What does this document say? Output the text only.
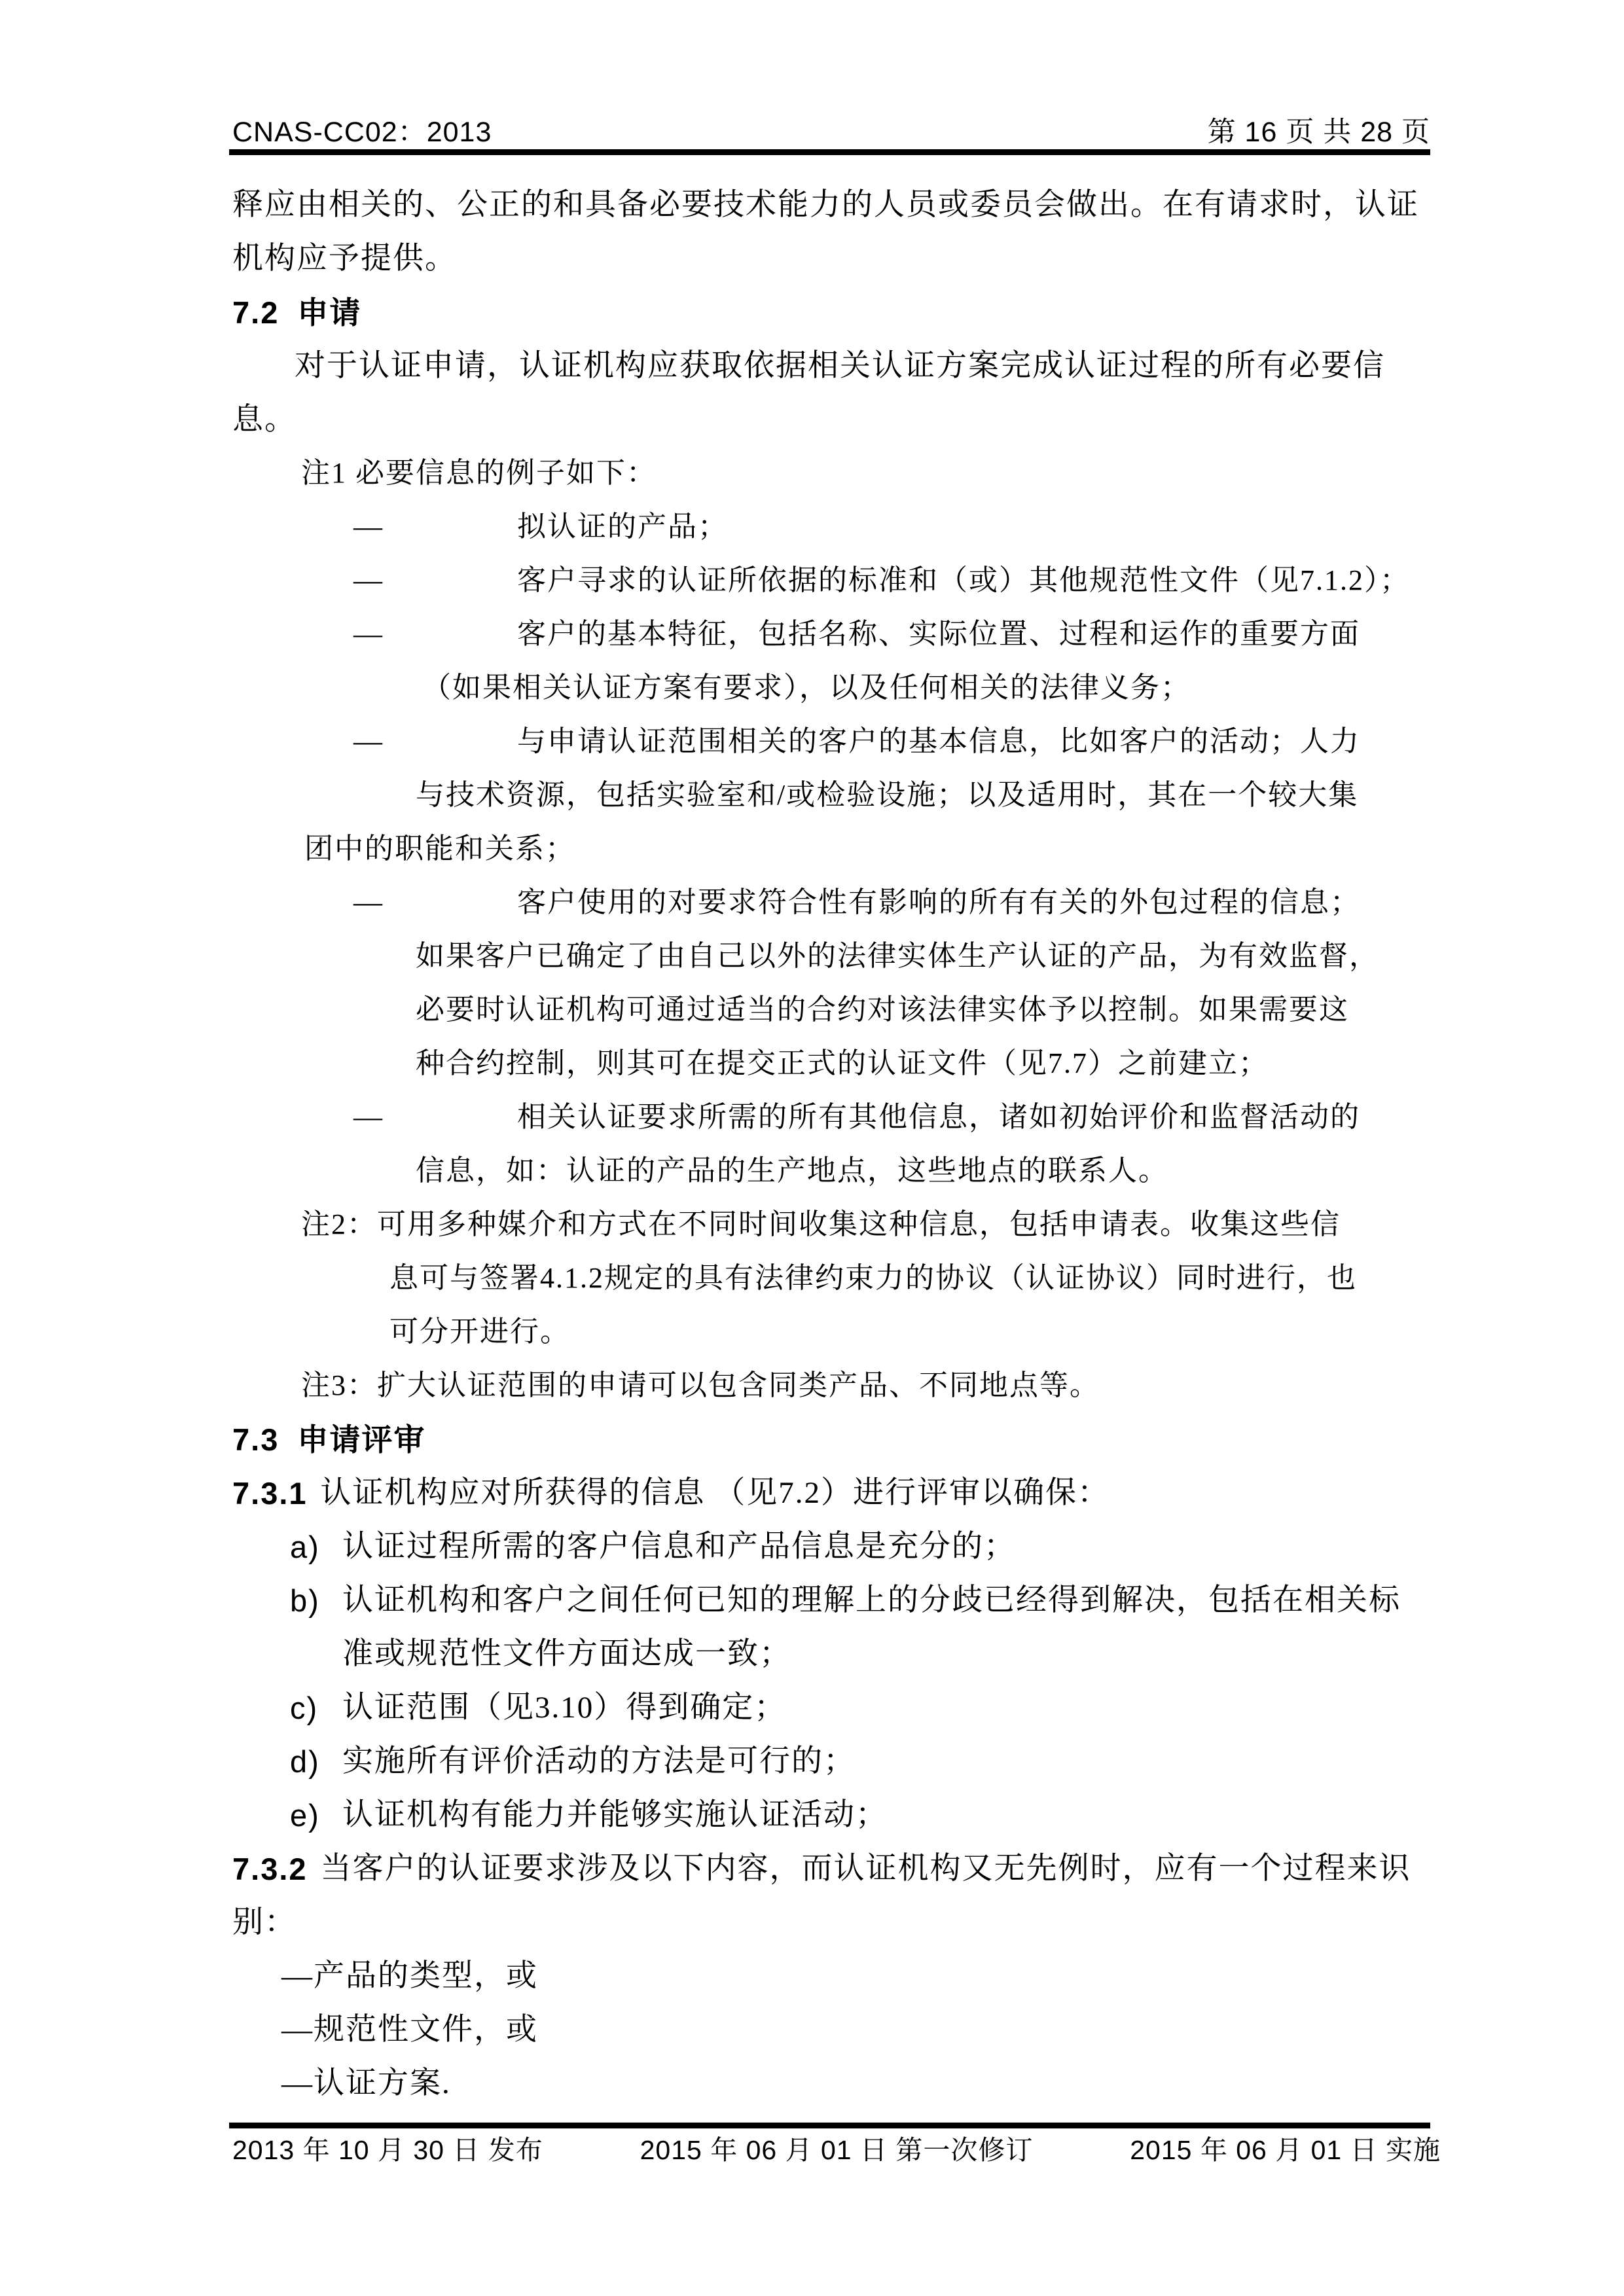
CNAS-CC02：2013	第 16 页 共 28 页
释应由相关的、公正的和具备必要技术能力的人员或委员会做出。在有请求时，认证
机构应予提供。
7.2 申请
对于认证申请，认证机构应获取依据相关认证方案完成认证过程的所有必要信
息。
注1 必要信息的例子如下：
—	拟认证的产品；
—	客户寻求的认证所依据的标准和（或）其他规范性文件（见7.1.2）；
—	客户的基本特征，包括名称、实际位置、过程和运作的重要方面
（如果相关认证方案有要求），以及任何相关的法律义务；
—	与申请认证范围相关的客户的基本信息，比如客户的活动；人力
与技术资源，包括实验室和/或检验设施；以及适用时，其在一个较大集
团中的职能和关系；
—	客户使用的对要求符合性有影响的所有有关的外包过程的信息；
如果客户已确定了由自己以外的法律实体生产认证的产品，为有效监督，
必要时认证机构可通过适当的合约对该法律实体予以控制。如果需要这
种合约控制，则其可在提交正式的认证文件（见7.7）之前建立；
—	相关认证要求所需的所有其他信息，诸如初始评价和监督活动的
信息，如：认证的产品的生产地点，这些地点的联系人。
注2：可用多种媒介和方式在不同时间收集这种信息，包括申请表。收集这些信
息可与签署4.1.2规定的具有法律约束力的协议（认证协议）同时进行，也
可分开进行。
注3：扩大认证范围的申请可以包含同类产品、不同地点等。
7.3 申请评审
7.3.1 认证机构应对所获得的信息 （见7.2）进行评审以确保：
a) 认证过程所需的客户信息和产品信息是充分的；
b) 认证机构和客户之间任何已知的理解上的分歧已经得到解决，包括在相关标
准或规范性文件方面达成一致；
c) 认证范围（见3.10）得到确定；
d) 实施所有评价活动的方法是可行的；
e) 认证机构有能力并能够实施认证活动；
7.3.2 当客户的认证要求涉及以下内容，而认证机构又无先例时，应有一个过程来识
别：
—产品的类型，或
—规范性文件，或
—认证方案.
2013 年 10 月 30 日 发布	2015 年 06 月 01 日 第一次修订	2015 年 06 月 01 日 实施
